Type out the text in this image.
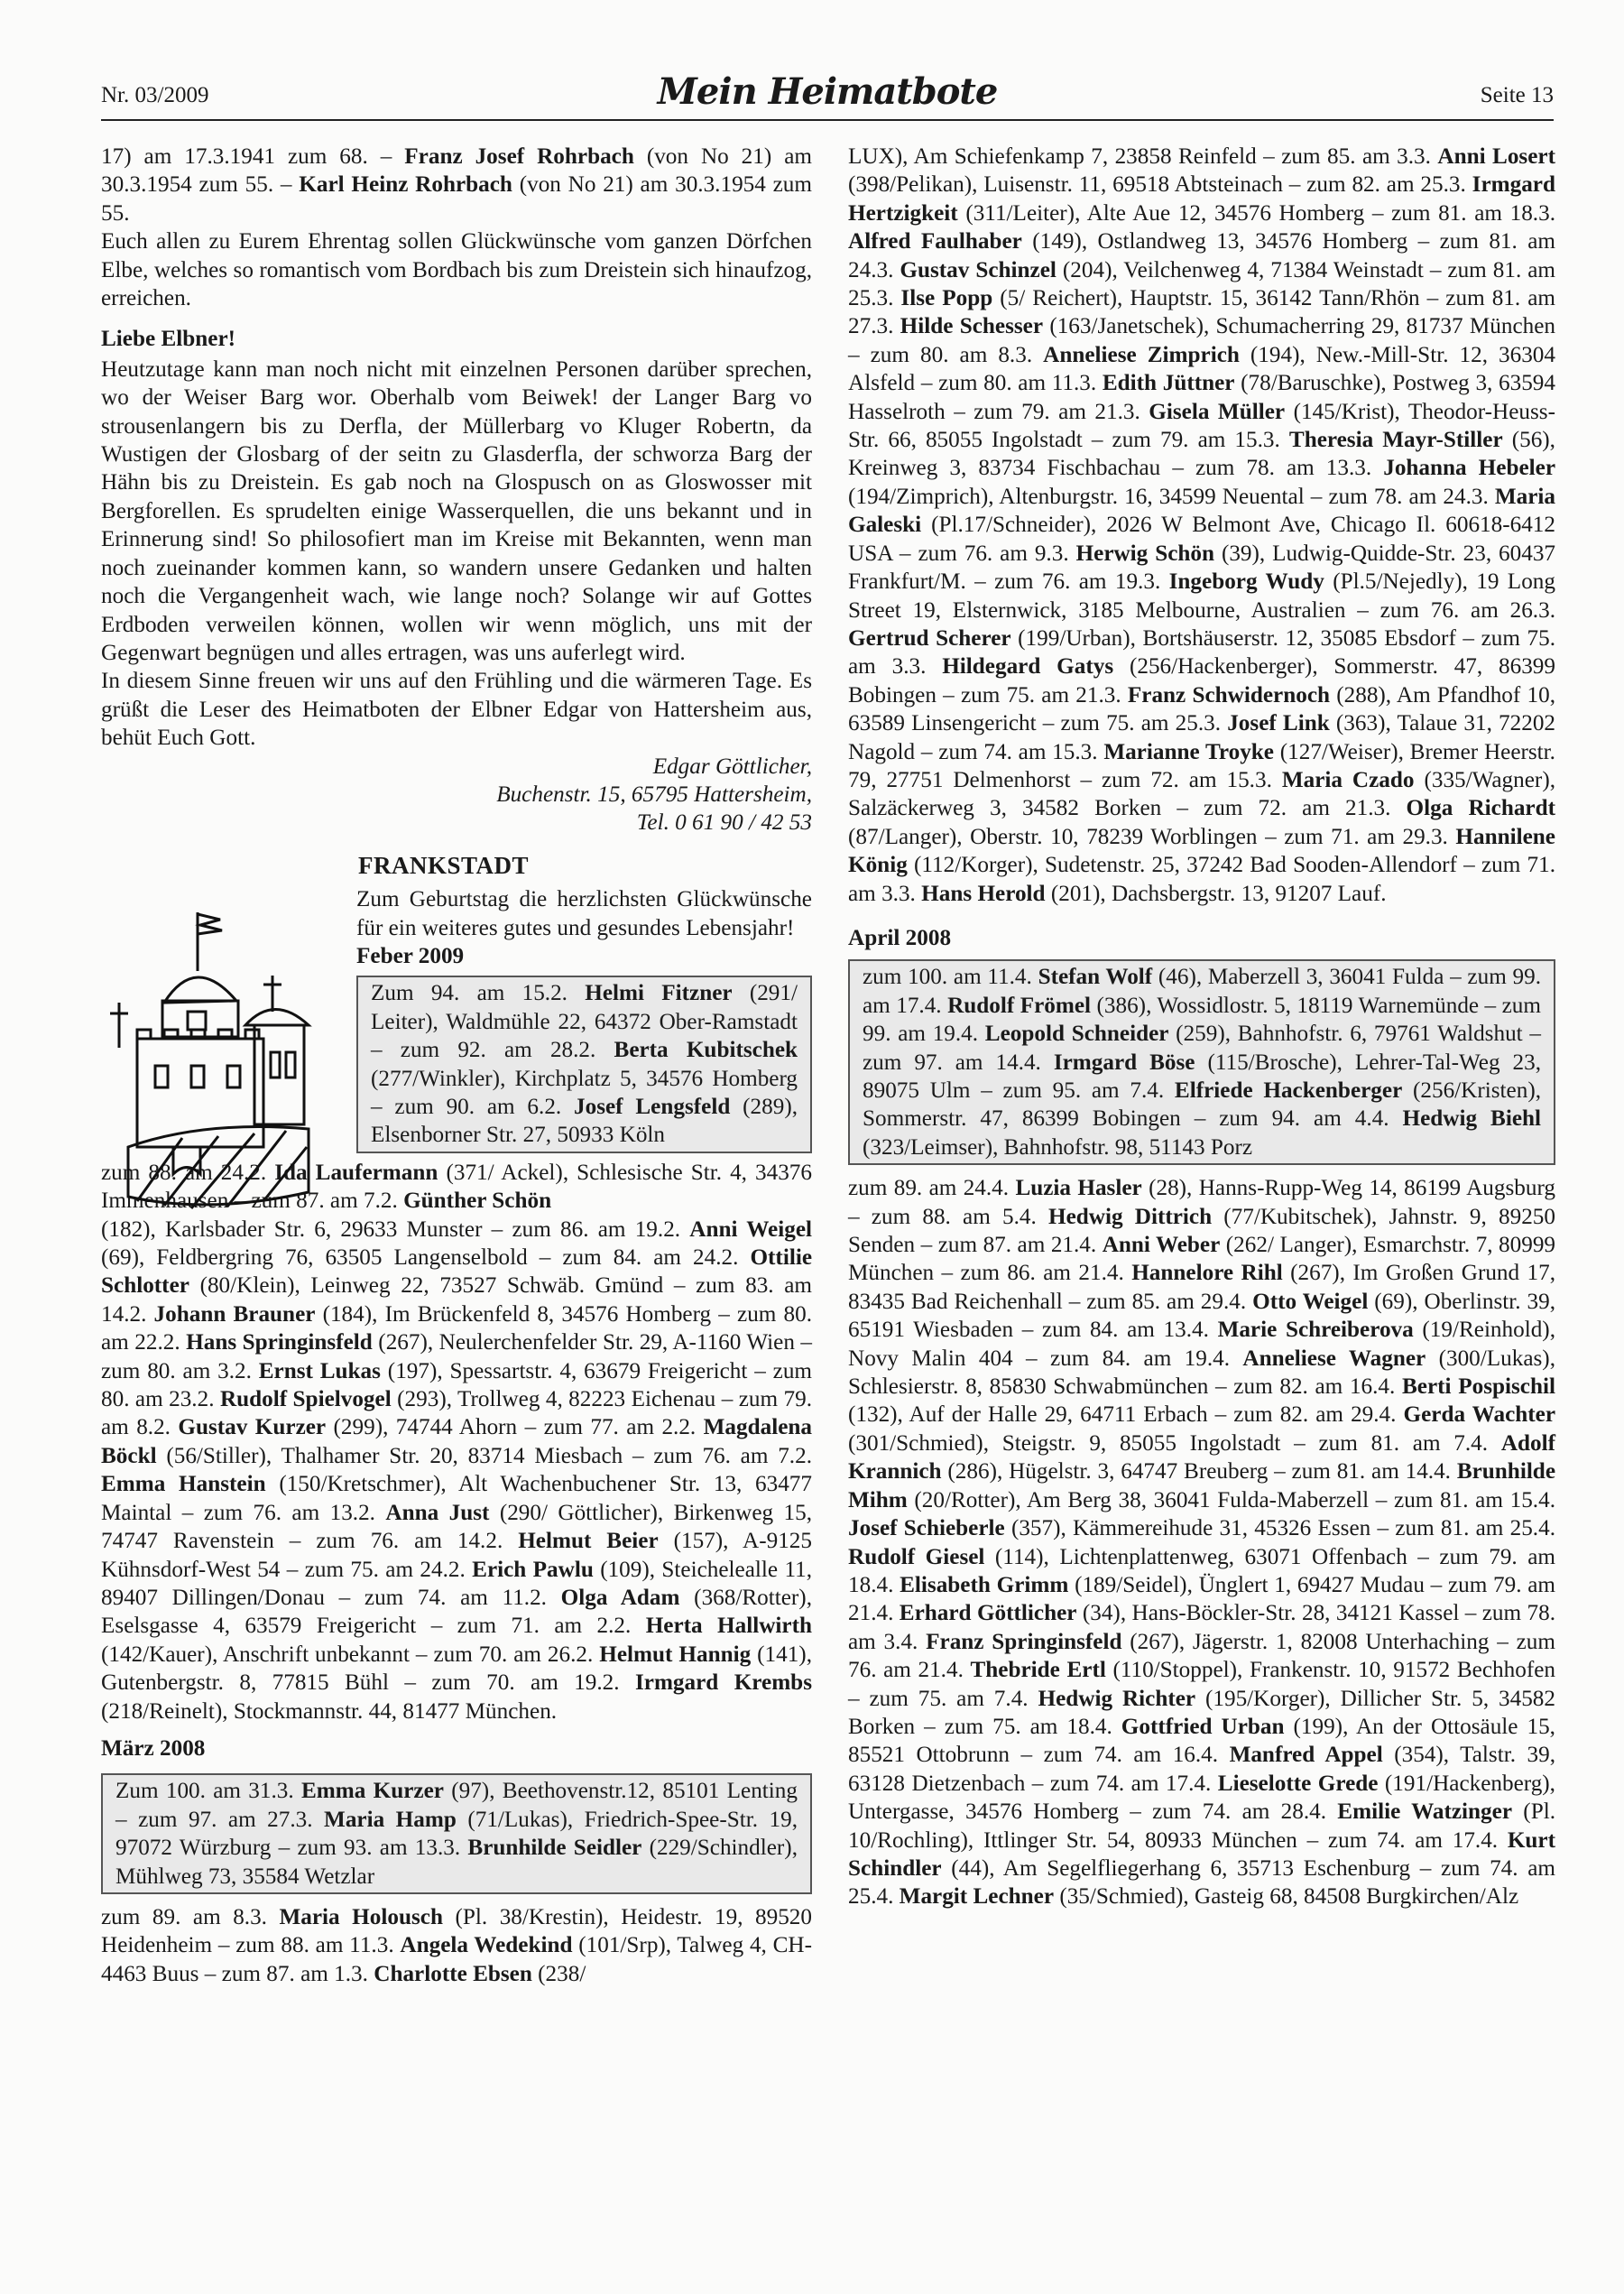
Nr. 03/2009	Mein Heimatbote	Seite 13

17) am 17.3.1941 zum 68. – Franz Josef Rohrbach (von No 21) am 30.3.1954 zum 55. – Karl Heinz Rohrbach (von No 21) am 30.3.1954 zum 55.

Euch allen zu Eurem Ehrentag sollen Glückwünsche vom ganzen Dörfchen Elbe, welches so romantisch vom Bordbach bis zum Dreistein sich hinaufzog, erreichen.

Liebe Elbner!

Heutzutage kann man noch nicht mit einzelnen Personen darüber sprechen, wo der Weiser Barg wor. Oberhalb vom Beiwek! der Langer Barg vo strousenlangern bis zu Derfla, der Müllerbarg vo Kluger Robertn, da Wustigen der Glosbarg of der seitn zu Glasderfla, der schworza Barg der Hähn bis zu Dreistein. Es gab noch na Glospusch on as Gloswosser mit Bergforellen. Es sprudelten einige Wasserquellen, die uns bekannt und in Erinnerung sind! So philosofiert man im Kreise mit Bekannten, wenn man noch zueinander kommen kann, so wandern unsere Gedanken und halten noch die Vergangenheit wach, wie lange noch? Solange wir auf Gottes Erdboden verweilen können, wollen wir wenn möglich, uns mit der Gegenwart begnügen und alles ertragen, was uns auferlegt wird.

In diesem Sinne freuen wir uns auf den Frühling und die wärmeren Tage. Es grüßt die Leser des Heimatboten der Elbner Edgar von Hattersheim aus, behüt Euch Gott.

Edgar Göttlicher,

Buchenstr. 15, 65795 Hattersheim,

Tel. 0 61 90 / 42 53

FRANKSTADT

Zum Geburtstag die herzlichsten Glückwünsche für ein weiteres gutes und gesundes Lebensjahr!

Feber 2009

Zum 94. am 15.2. Helmi Fitzner (291/ Leiter), Waldmühle 22, 64372 Ober-Ramstadt – zum 92. am 28.2. Berta Kubitschek (277/Winkler), Kirchplatz 5, 34576 Homberg – zum 90. am 6.2. Josef Lengsfeld (289), Elsenborner Str. 27, 50933 Köln

zum 88. am 24.2. Ida Laufermann (371/ Ackel), Schlesische Str. 4, 34376 Immenhausen – zum 87. am 7.2. Günther Schön

(182), Karlsbader Str. 6, 29633 Munster – zum 86. am 19.2. Anni Weigel (69), Feldbergring 76, 63505 Langenselbold – zum 84. am 24.2. Ottilie Schlotter (80/Klein), Leinweg 22, 73527 Schwäb. Gmünd – zum 83. am 14.2. Johann Brauner (184), Im Brückenfeld 8, 34576 Homberg – zum 80. am 22.2. Hans Springinsfeld (267), Neulerchenfelder Str. 29, A-1160 Wien – zum 80. am 3.2. Ernst Lukas (197), Spessartstr. 4, 63679 Freigericht – zum 80. am 23.2. Rudolf Spielvogel (293), Trollweg 4, 82223 Eichenau – zum 79. am 8.2. Gustav Kurzer (299), 74744 Ahorn – zum 77. am 2.2. Magdalena Böckl (56/Stiller), Thalhamer Str. 20, 83714 Miesbach – zum 76. am 7.2. Emma Hanstein (150/Kretschmer), Alt Wachenbuchener Str. 13, 63477 Maintal – zum 76. am 13.2. Anna Just (290/ Göttlicher), Birkenweg 15, 74747 Ravenstein – zum 76. am 14.2. Helmut Beier (157), A-9125 Kühnsdorf-West 54 – zum 75. am 24.2. Erich Pawlu (109), Steichelealle 11, 89407 Dillingen/Donau – zum 74. am 11.2. Olga Adam (368/Rotter), Eselsgasse 4, 63579 Freigericht – zum 71. am 2.2. Herta Hallwirth (142/Kauer), Anschrift unbekannt – zum 70. am 26.2. Helmut Hannig (141), Gutenbergstr. 8, 77815 Bühl – zum 70. am 19.2. Irmgard Krembs (218/Reinelt), Stockmannstr. 44, 81477 München.

März 2008

Zum 100. am 31.3. Emma Kurzer (97), Beethovenstr.12, 85101 Lenting – zum 97. am 27.3. Maria Hamp (71/Lukas), Friedrich-Spee-Str. 19, 97072 Würzburg – zum 93. am 13.3. Brunhilde Seidler (229/Schindler), Mühlweg 73, 35584 Wetzlar

zum 89. am 8.3. Maria Holousch (Pl. 38/Krestin), Heidestr. 19, 89520 Heidenheim – zum 88. am 11.3. Angela Wedekind (101/Srp), Talweg 4, CH-4463 Buus – zum 87. am 1.3. Charlotte Ebsen (238/

LUX), Am Schiefenkamp 7, 23858 Reinfeld – zum 85. am 3.3. Anni Losert (398/Pelikan), Luisenstr. 11, 69518 Abtsteinach – zum 82. am 25.3. Irmgard Hertzigkeit (311/Leiter), Alte Aue 12, 34576 Homberg – zum 81. am 18.3. Alfred Faulhaber (149), Ostlandweg 13, 34576 Homberg – zum 81. am 24.3. Gustav Schinzel (204), Veilchenweg 4, 71384 Weinstadt – zum 81. am 25.3. Ilse Popp (5/ Reichert), Hauptstr. 15, 36142 Tann/Rhön – zum 81. am 27.3. Hilde Schesser (163/Janetschek), Schumacherring 29, 81737 München – zum 80. am 8.3. Anneliese Zimprich (194), New.-Mill-Str. 12, 36304 Alsfeld – zum 80. am 11.3. Edith Jüttner (78/Baruschke), Postweg 3, 63594 Hasselroth – zum 79. am 21.3. Gisela Müller (145/Krist), Theodor-Heuss-Str. 66, 85055 Ingolstadt – zum 79. am 15.3. Theresia Mayr-Stiller (56), Kreinweg 3, 83734 Fischbachau – zum 78. am 13.3. Johanna Hebeler (194/Zimprich), Altenburgstr. 16, 34599 Neuental – zum 78. am 24.3. Maria Galeski (Pl.17/Schneider), 2026 W Belmont Ave, Chicago Il. 60618-6412 USA – zum 76. am 9.3. Herwig Schön (39), Ludwig-Quidde-Str. 23, 60437 Frankfurt/M. – zum 76. am 19.3. Ingeborg Wudy (Pl.5/Nejedly), 19 Long Street 19, Elsternwick, 3185 Melbourne, Australien – zum 76. am 26.3. Gertrud Scherer (199/Urban), Bortshäuserstr. 12, 35085 Ebsdorf – zum 75. am 3.3. Hildegard Gatys (256/Hackenberger), Sommerstr. 47, 86399 Bobingen – zum 75. am 21.3. Franz Schwidernoch (288), Am Pfandhof 10, 63589 Linsengericht – zum 75. am 25.3. Josef Link (363), Talaue 31, 72202 Nagold – zum 74. am 15.3. Marianne Troyke (127/Weiser), Bremer Heerstr. 79, 27751 Delmenhorst – zum 72. am 15.3. Maria Czado (335/Wagner), Salzäckerweg 3, 34582 Borken – zum 72. am 21.3. Olga Richardt (87/Langer), Oberstr. 10, 78239 Worblingen – zum 71. am 29.3. Hannilene König (112/Korger), Sudetenstr. 25, 37242 Bad Sooden-Allendorf – zum 71. am 3.3. Hans Herold (201), Dachsbergstr. 13, 91207 Lauf.

April 2008

zum 100. am 11.4. Stefan Wolf (46), Maberzell 3, 36041 Fulda – zum 99. am 17.4. Rudolf Frömel (386), Wossidlostr. 5, 18119 Warnemünde – zum 99. am 19.4. Leopold Schneider (259), Bahnhofstr. 6, 79761 Waldshut – zum 97. am 14.4. Irmgard Böse (115/Brosche), Lehrer-Tal-Weg 23, 89075 Ulm – zum 95. am 7.4. Elfriede Hackenberger (256/Kristen), Sommerstr. 47, 86399 Bobingen – zum 94. am 4.4. Hedwig Biehl (323/Leimser), Bahnhofstr. 98, 51143 Porz

zum 89. am 24.4. Luzia Hasler (28), Hanns-Rupp-Weg 14, 86199 Augsburg – zum 88. am 5.4. Hedwig Dittrich (77/Kubitschek), Jahnstr. 9, 89250 Senden – zum 87. am 21.4. Anni Weber (262/ Langer), Esmarchstr. 7, 80999 München – zum 86. am 21.4. Hannelore Rihl (267), Im Großen Grund 17, 83435 Bad Reichenhall – zum 85. am 29.4. Otto Weigel (69), Oberlinstr. 39, 65191 Wiesbaden – zum 84. am 13.4. Marie Schreiberova (19/Reinhold), Novy Malin 404 – zum 84. am 19.4. Anneliese Wagner (300/Lukas), Schlesierstr. 8, 85830 Schwabmünchen – zum 82. am 16.4. Berti Pospischil (132), Auf der Halle 29, 64711 Erbach – zum 82. am 29.4. Gerda Wachter (301/Schmied), Steigstr. 9, 85055 Ingolstadt – zum 81. am 7.4. Adolf Krannich (286), Hügelstr. 3, 64747 Breuberg – zum 81. am 14.4. Brunhilde Mihm (20/Rotter), Am Berg 38, 36041 Fulda-Maberzell – zum 81. am 15.4. Josef Schieberle (357), Kämmereihude 31, 45326 Essen – zum 81. am 25.4. Rudolf Giesel (114), Lichtenplattenweg, 63071 Offenbach – zum 79. am 18.4. Elisabeth Grimm (189/Seidel), Ünglert 1, 69427 Mudau – zum 79. am 21.4. Erhard Göttlicher (34), Hans-Böckler-Str. 28, 34121 Kassel – zum 78. am 3.4. Franz Springinsfeld (267), Jägerstr. 1, 82008 Unterhaching – zum 76. am 21.4. Thebride Ertl (110/Stoppel), Frankenstr. 10, 91572 Bechhofen – zum 75. am 7.4. Hedwig Richter (195/Korger), Dillicher Str. 5, 34582 Borken – zum 75. am 18.4. Gottfried Urban (199), An der Ottosäule 15, 85521 Ottobrunn – zum 74. am 16.4. Manfred Appel (354), Talstr. 39, 63128 Dietzenbach – zum 74. am 17.4. Lieselotte Grede (191/Hackenberg), Untergasse, 34576 Homberg – zum 74. am 28.4. Emilie Watzinger (Pl. 10/Rochling), Ittlinger Str. 54, 80933 München – zum 74. am 17.4. Kurt Schindler (44), Am Segelfliegerhang 6, 35713 Eschenburg – zum 74. am 25.4. Margit Lechner (35/Schmied), Gasteig 68, 84508 Burgkirchen/Alz
